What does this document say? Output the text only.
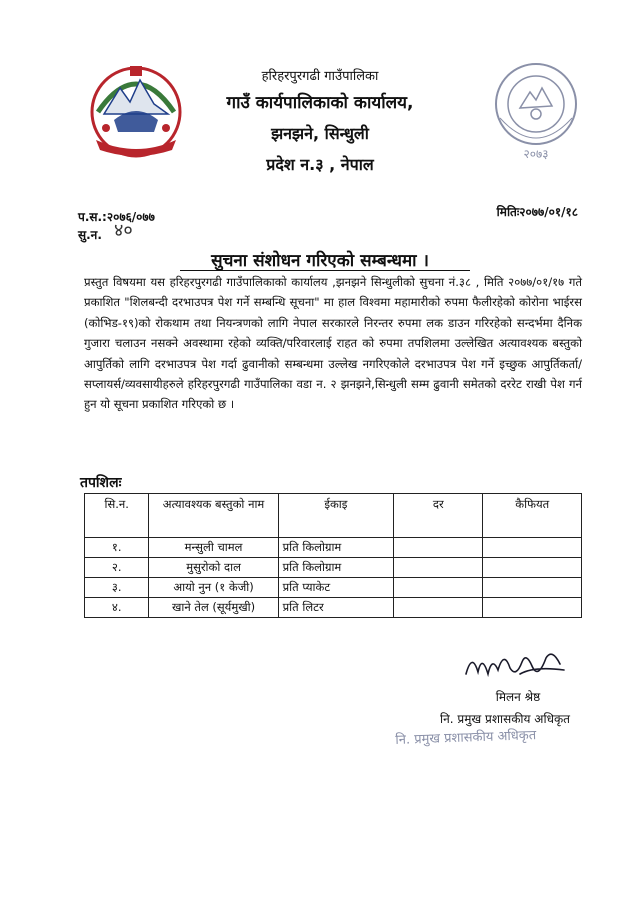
२०७३
हरिहरपुरगढी गाउँपालिका
गाउँ कार्यपालिकाको कार्यालय,
झनझने, सिन्धुली
प्रदेश न.३ , नेपाल
प.स.:२०७६/०७७	मितिः२०७७/०१/१८
सु.न. ४०
सुचना संशोधन गरिएको सम्बन्धमा ।
प्रस्तुत विषयमा यस हरिहरपुरगढी गाउँपालिकाको कार्यालय ,झनझने सिन्धुलीको सुचना नं.३८ , मिति २०७७/०१/१७ गते प्रकाशित "शिलबन्दी दरभाउपत्र पेश गर्ने सम्बन्धि सूचना" मा हाल विश्वमा महामारीको रुपमा फैलीरहेको कोरोना भाईरस (कोभिड-१९)को रोकथाम तथा नियन्त्रणको लागि नेपाल सरकारले निरन्तर रुपमा लक डाउन गरिरहेको सन्दर्भमा दैनिक गुजारा चलाउन नसक्ने अवस्थामा रहेको व्यक्ति/परिवारलाई राहत को रुपमा तपशिलमा उल्लेखित अत्यावश्यक बस्तुको आपुर्तिको लागि दरभाउपत्र पेश गर्दा ढुवानीको सम्बन्धमा उल्लेख नगरिएकोले दरभाउपत्र पेश गर्ने इच्छुक आपुर्तिकर्ता/सप्लायर्स/व्यवसायीहरुले हरिहरपुरगढी गाउँपालिका वडा न. २ झनझने,सिन्धुली सम्म ढुवानी समेतको दररेट राखी पेश गर्न हुन यो सूचना प्रकाशित गरिएको छ ।
तपशिलः
सि.न.	अत्यावश्यक बस्तुको नाम	ईकाइ	दर	कैफियत
१.	मन्सुली चामल	प्रति किलोग्राम		
२.	मुसुरोको दाल	प्रति किलोग्राम		
३.	आयो नुन (१ केजी)	प्रति प्याकेट		
४.	खाने तेल (सूर्यमुखी)	प्रति लिटर		
मिलन श्रेष्ठ
नि. प्रमुख प्रशासकीय अधिकृत
नि. प्रमुख प्रशासकीय अधिकृत
